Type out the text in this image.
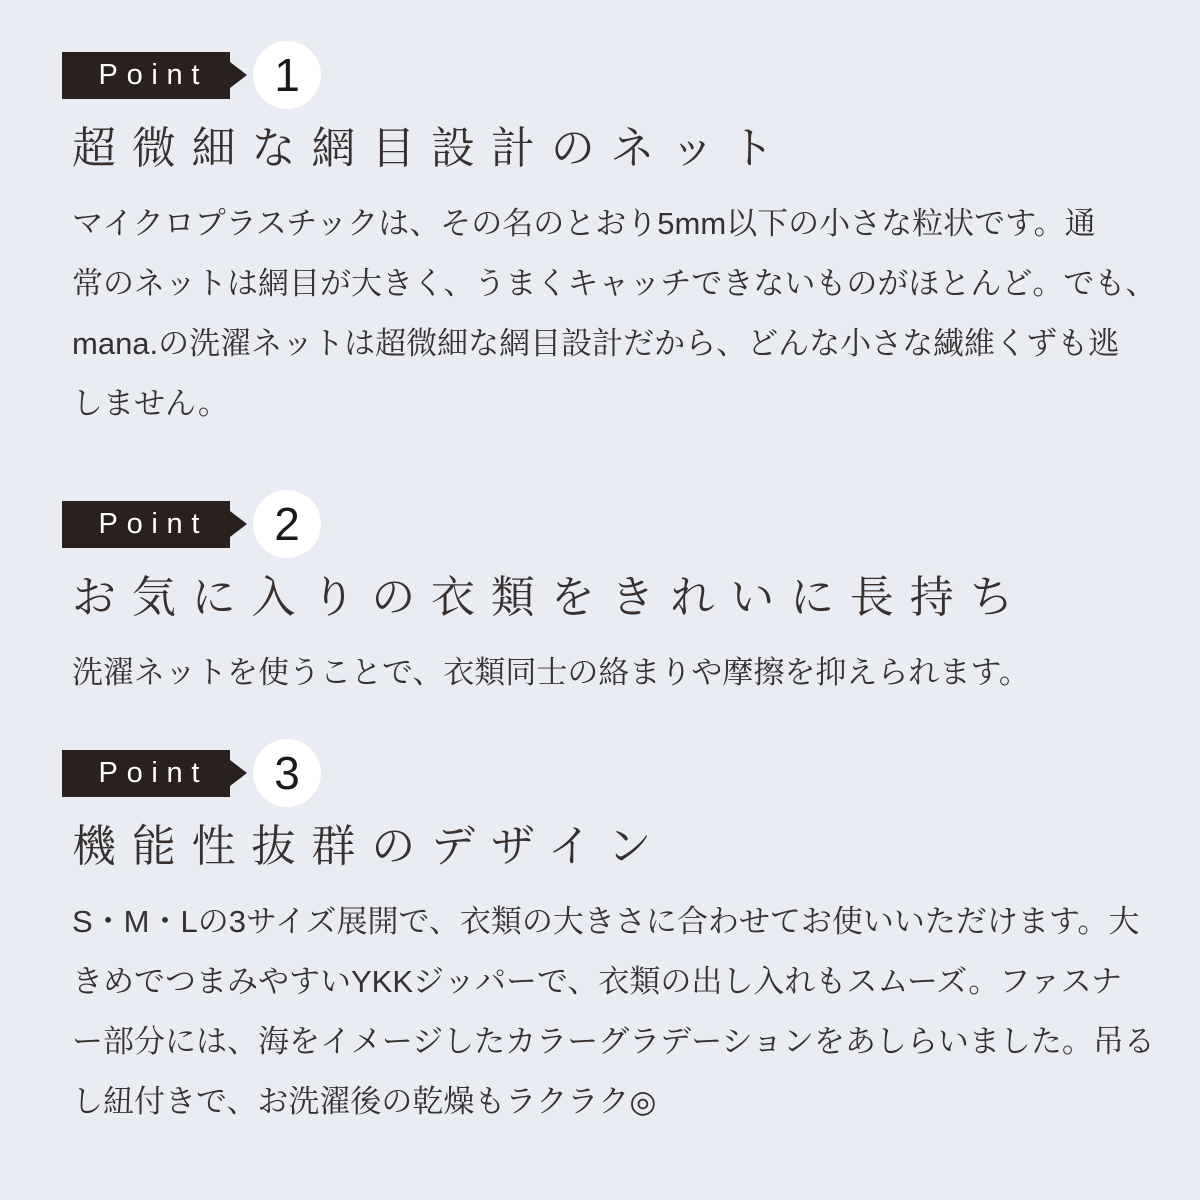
Point 1
超微細な網目設計のネット
マイクロプラスチックは、その名のとおり5mm以下の小さな粒状です。通
常のネットは網目が大きく、うまくキャッチできないものがほとんど。でも、
mana.の洗濯ネットは超微細な網目設計だから、どんな小さな繊維くずも逃
しません。
Point 2
お気に入りの衣類をきれいに長持ち
洗濯ネットを使うことで、衣類同士の絡まりや摩擦を抑えられます。
Point 3
機能性抜群のデザイン
S・M・Lの3サイズ展開で、衣類の大きさに合わせてお使いいただけます。大
きめでつまみやすいYKKジッパーで、衣類の出し入れもスムーズ。ファスナ
ー部分には、海をイメージしたカラーグラデーションをあしらいました。吊る
し紐付きで、お洗濯後の乾燥もラクラク◎
